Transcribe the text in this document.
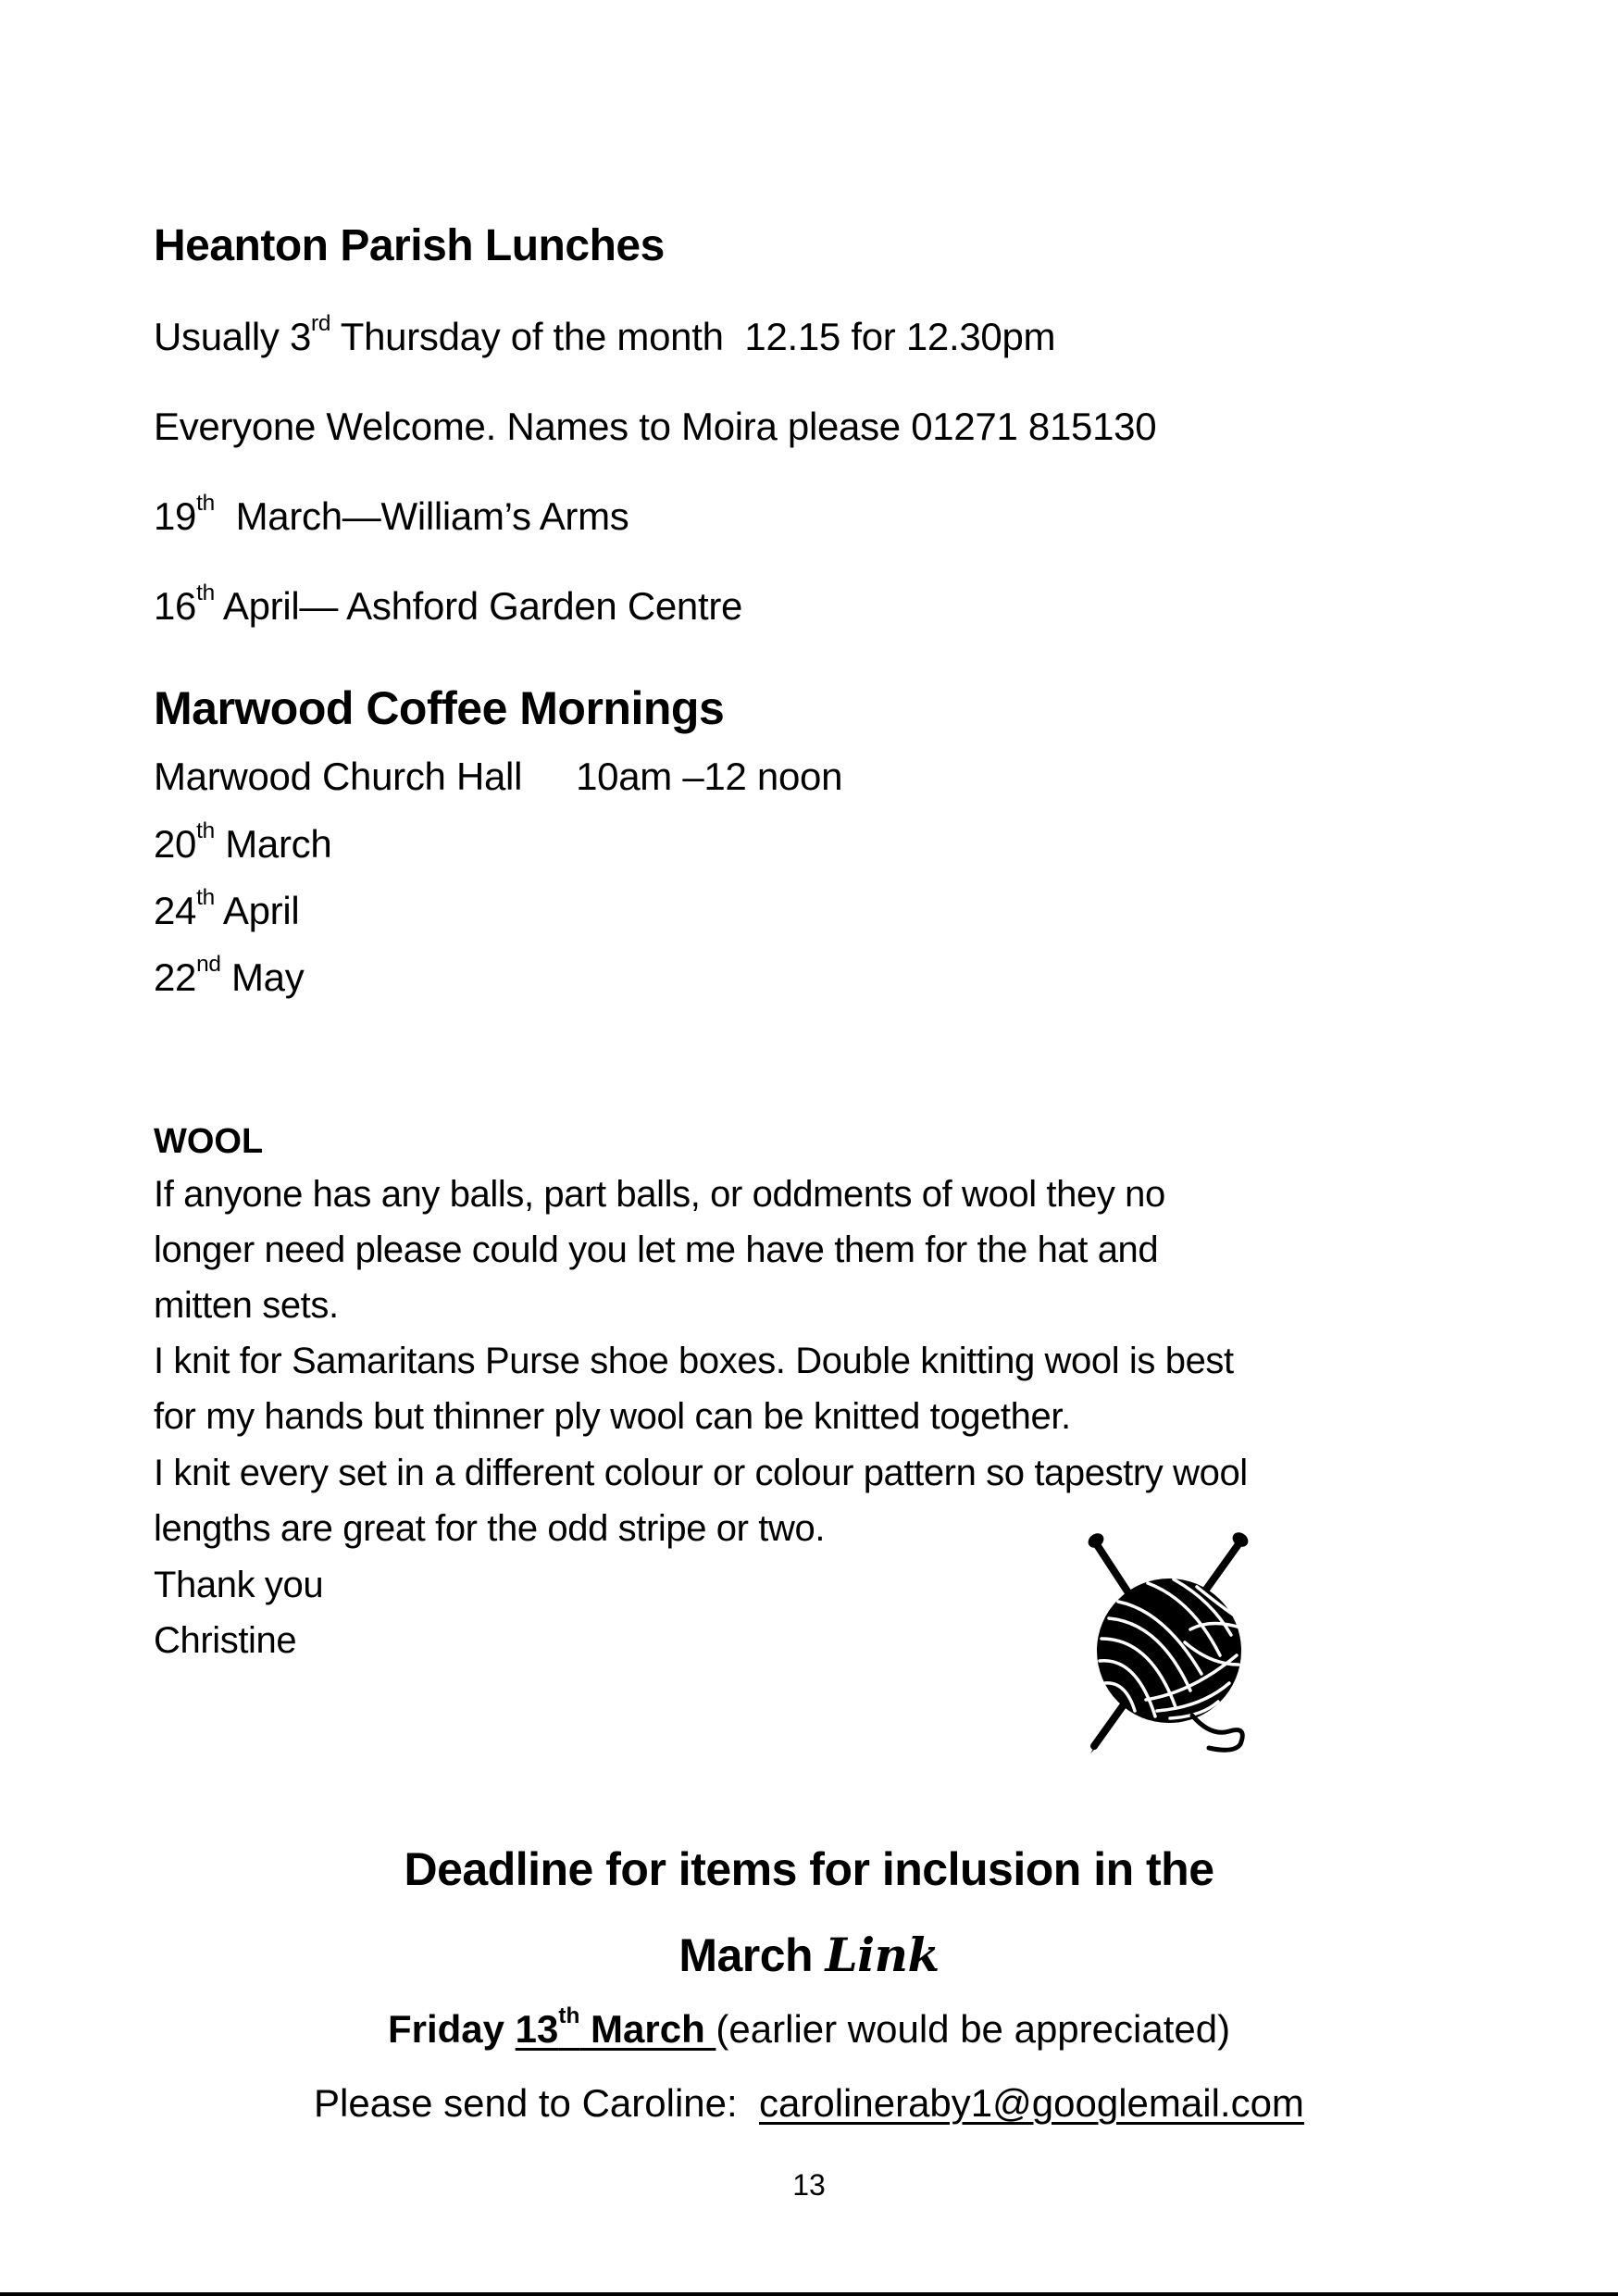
Heanton Parish Lunches
Usually 3rd Thursday of the month  12.15 for 12.30pm
Everyone Welcome. Names to Moira please 01271 815130
19th  March—William’s Arms
16th April— Ashford Garden Centre
Marwood Coffee Mornings
Marwood Church Hall 10am –12 noon
20th March
24th April
22nd May
WOOL
If anyone has any balls, part balls, or oddments of wool they no
longer need please could you let me have them for the hat and
mitten sets.
I knit for Samaritans Purse shoe boxes. Double knitting wool is best
for my hands but thinner ply wool can be knitted together.
I knit every set in a different colour or colour pattern so tapestry wool
lengths are great for the odd stripe or two.
Thank you
Christine
Deadline for items for inclusion in the
March Link
Friday 13th March (earlier would be appreciated)
Please send to Caroline:  carolineraby1@googlemail.com
13
